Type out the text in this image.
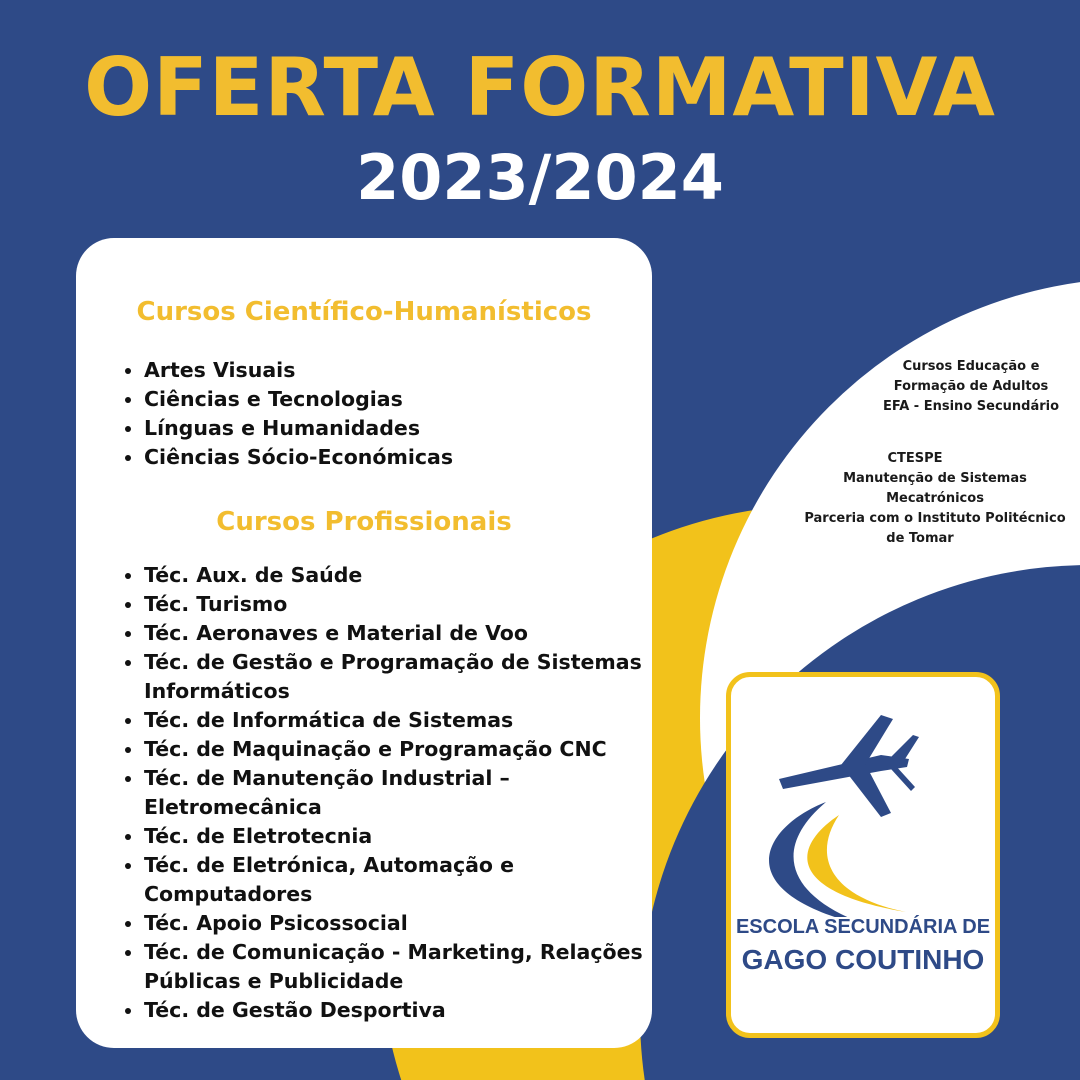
OFERTA FORMATIVA
2023/2024
Cursos Científico-Humanísticos
• Artes Visuais
• Ciências e Tecnologias
• Línguas e Humanidades
• Ciências Sócio-Económicas
Cursos Profissionais
• Téc. Aux. de Saúde
• Téc. Turismo
• Téc. Aeronaves e Material de Voo
• Téc. de Gestão e Programação de Sistemas Informáticos
• Téc. de Informática de Sistemas
• Téc. de Maquinação e Programação CNC
• Téc. de Manutenção Industrial – Eletromecânica
• Téc. de Eletrotecnia
• Téc. de Eletrónica, Automação e Computadores
• Téc. Apoio Psicossocial
• Téc. de Comunicação - Marketing, Relações Públicas e Publicidade
• Téc. de Gestão Desportiva
Cursos Educação e
Formação de Adultos
EFA - Ensino Secundário
CTESPE
Manutenção de Sistemas
Mecatrónicos
Parceria com o Instituto Politécnico
de Tomar
ESCOLA SECUNDÁRIA DE
GAGO COUTINHO
